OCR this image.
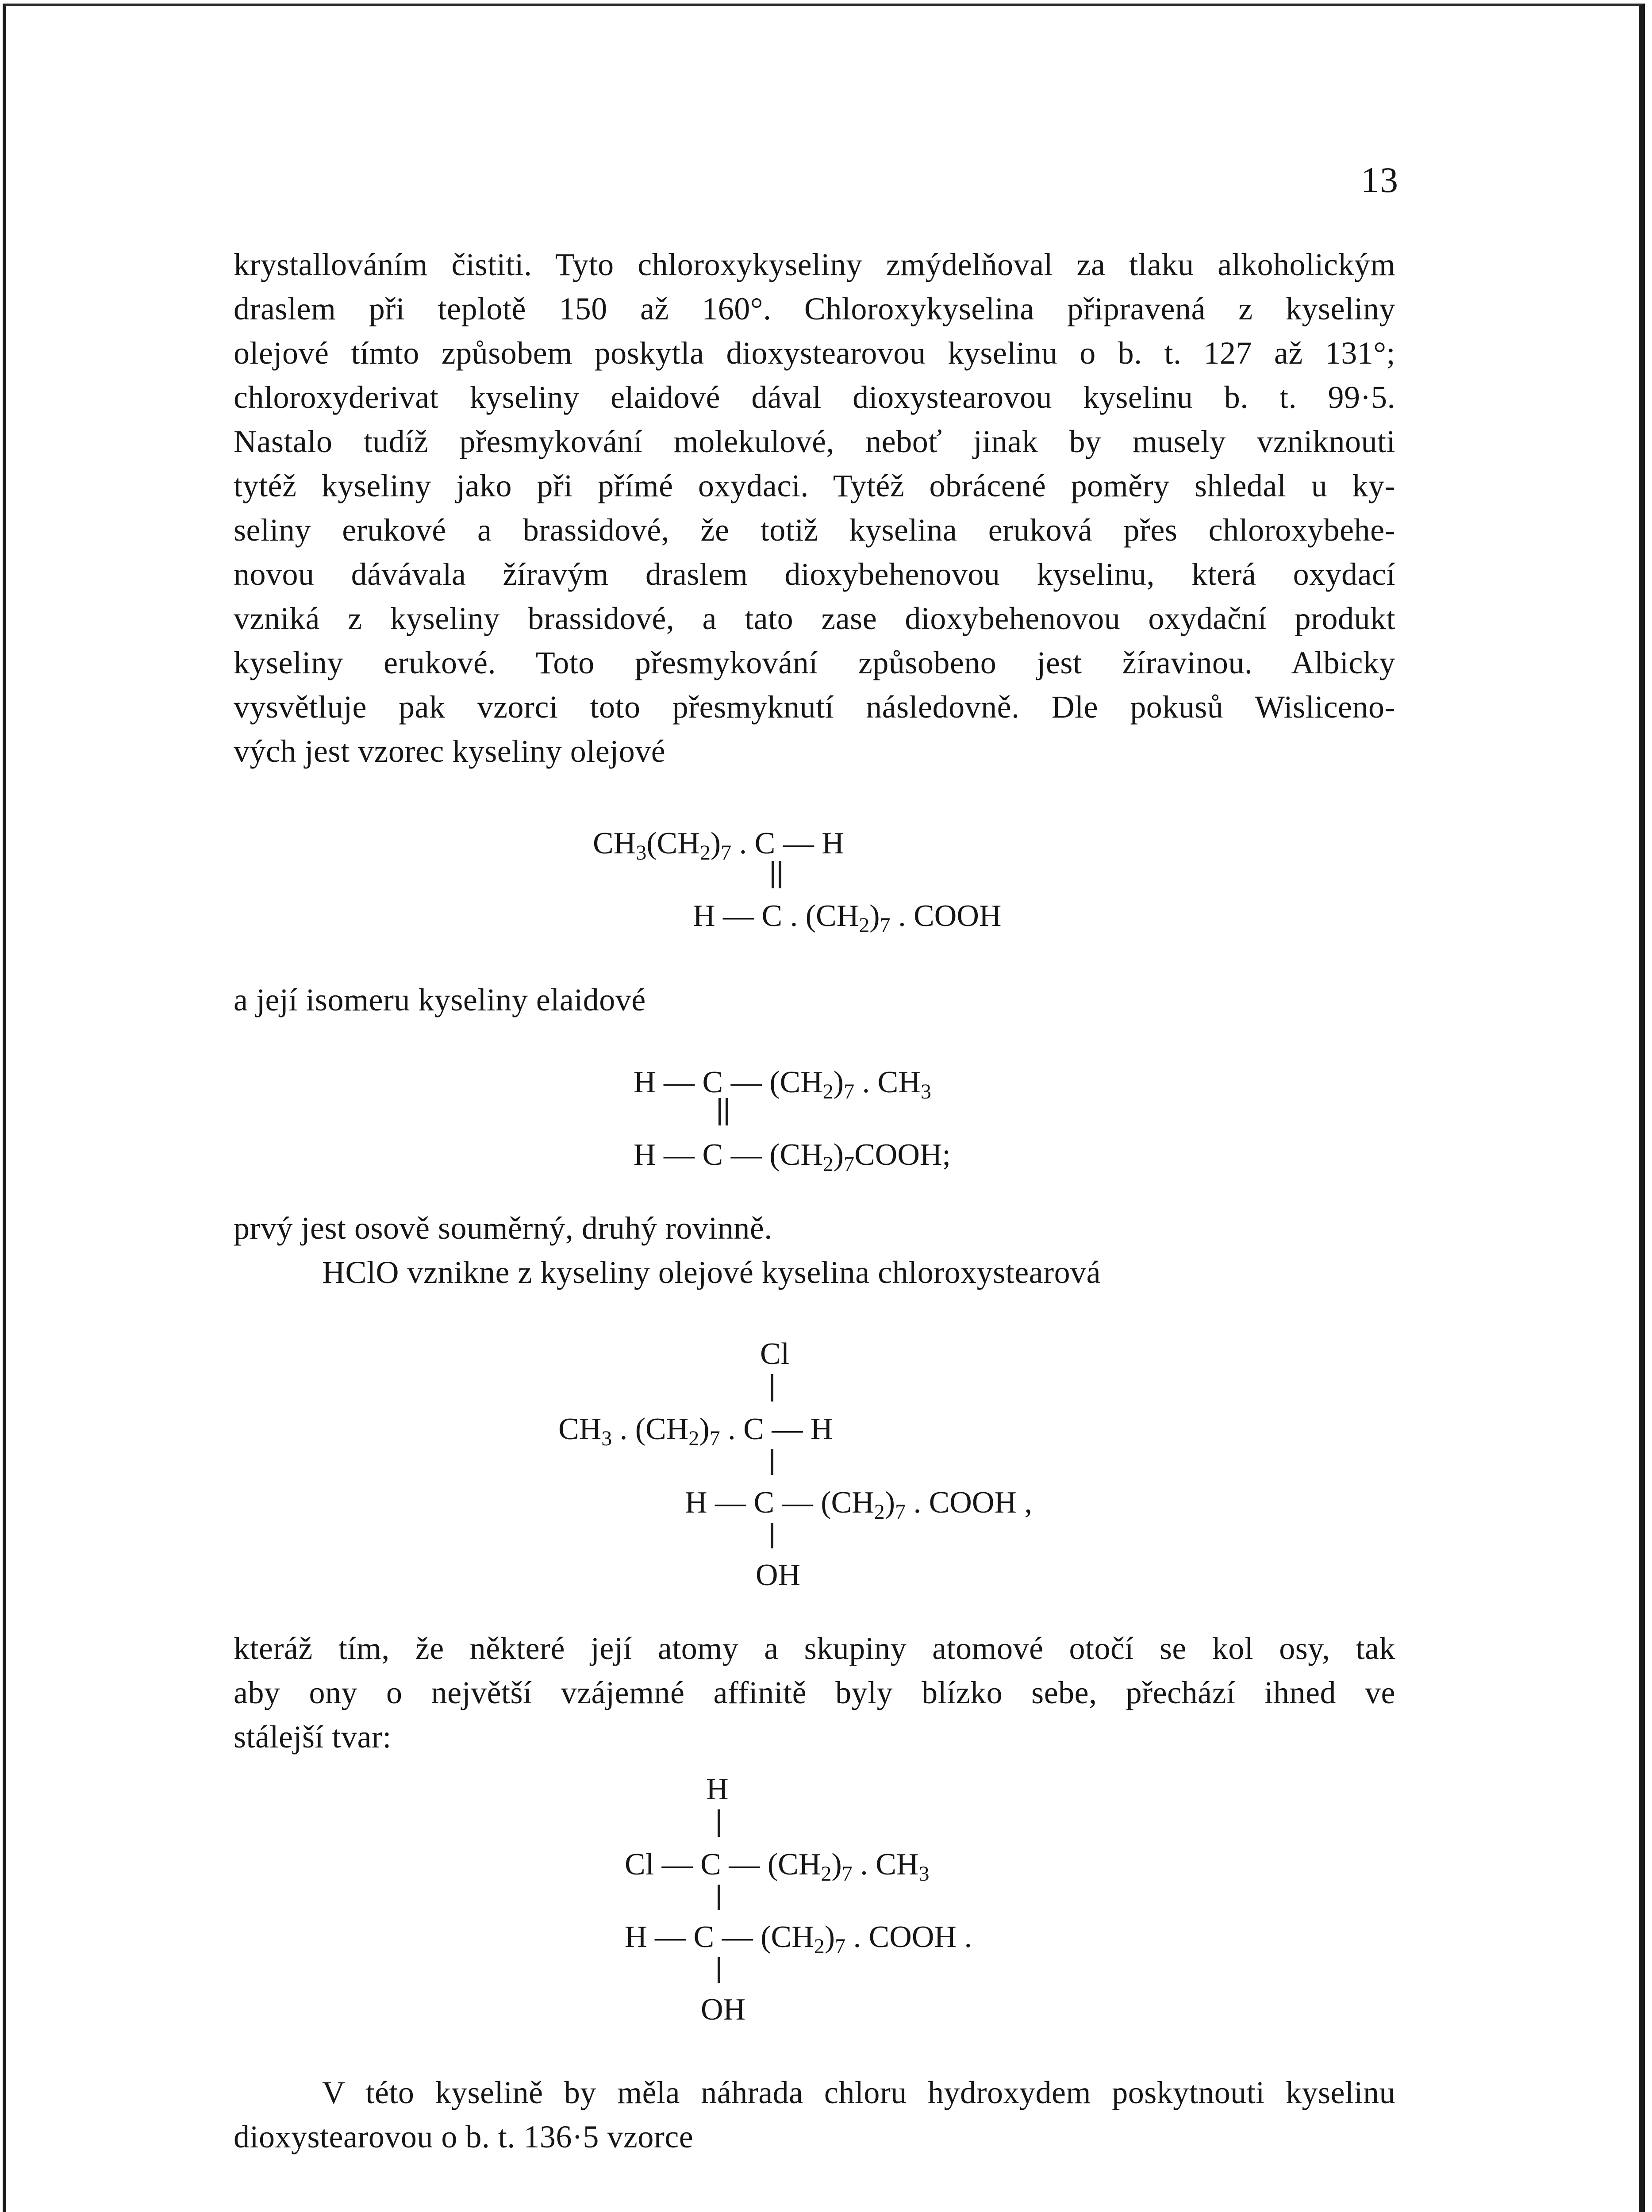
13
krystallováním čistiti. Tyto chloroxykyseliny zmýdelňoval za tlaku alkoholickým
draslem při teplotě 150 až 160°. Chloroxykyselina připravená z kyseliny
olejové tímto způsobem poskytla dioxystearovou kyselinu o b. t. 127 až 131°;
chloroxyderivat kyseliny elaidové dával dioxystearovou kyselinu b. t. 99·5.
Nastalo tudíž přesmykování molekulové, neboť jinak by musely vzniknouti
tytéž kyseliny jako při přímé oxydaci. Tytéž obrácené poměry shledal u ky-
seliny erukové a brassidové, že totiž kyselina eruková přes chloroxybehe-
novou dávávala žíravým draslem dioxybehenovou kyselinu, která oxydací
vzniká z kyseliny brassidové, a tato zase dioxybehenovou oxydační produkt
kyseliny erukové. Toto přesmykování způsobeno jest žíravinou. Albicky
vysvětluje pak vzorci toto přesmyknutí následovně. Dle pokusů Wisliceno-
vých jest vzorec kyseliny olejové
$CH_3(CH_2)_7$ . C — H
H — C . $(CH_2)_7$ . COOH
a její isomeru kyseliny elaidové
H — C — $(CH_2)_7$ . $CH_3$
H — C — $(CH_2)_7COOH$;
prvý jest osově souměrný, druhý rovinně.
HClO vznikne z kyseliny olejové kyselina chloroxystearová
Cl
$CH_3$ . $(CH_2)_7$ . C — H
H — C — $(CH_2)_7$ . COOH ,
OH
kteráž tím, že některé její atomy a skupiny atomové otočí se kol osy, tak
aby ony o největší vzájemné affinitě byly blízko sebe, přechází ihned ve
stálejší tvar:
H
Cl — C — $(CH_2)_7$ . $CH_3$
H — C — $(CH_2)_7$ . COOH .
OH
V této kyselině by měla náhrada chloru hydroxydem poskytnouti kyselinu
dioxystearovou o b. t. 136·5 vzorce
